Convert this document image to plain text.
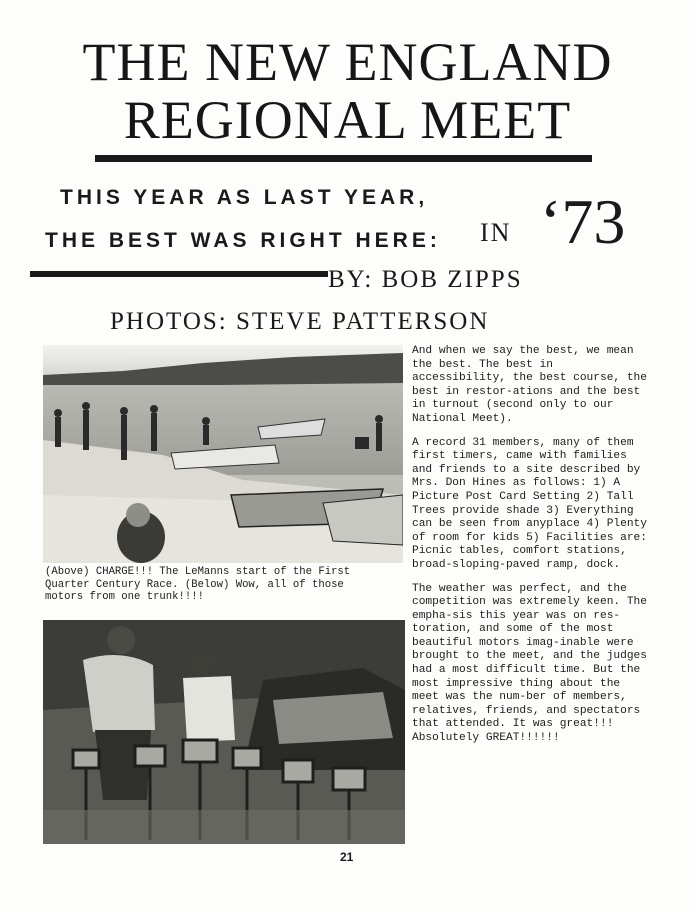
THE NEW ENGLAND
REGIONAL MEET
THIS YEAR AS LAST YEAR,
THE BEST WAS RIGHT HERE: IN ‘73
BY: BOB ZIPPS
PHOTOS: STEVE PATTERSON
(Above) CHARGE!!! The LeManns start of the First Quarter Century Race. (Below) Wow, all of those motors from one trunk!!!!

And when we say the best, we mean the best. The best in accessibility, the best course, the best in restor-ations and the best in turnout (second only to our National Meet).

A record 31 members, many of them first timers, came with families and friends to a site described by Mrs. Don Hines as follows: 1) A Picture Post Card Setting 2) Tall Trees provide shade 3) Everything can be seen from anyplace 4) Plenty of room for kids 5) Facilities are: Picnic tables, comfort stations, broad-sloping-paved ramp, dock.

The weather was perfect, and the competition was extremely keen. The empha-sis this year was on res-toration, and some of the most beautiful motors imag-inable were brought to the meet, and the judges had a most difficult time. But the most impressive thing about the meet was the num-ber of members, relatives, friends, and spectators that attended. It was great!!! Absolutely GREAT!!!!!!

21
